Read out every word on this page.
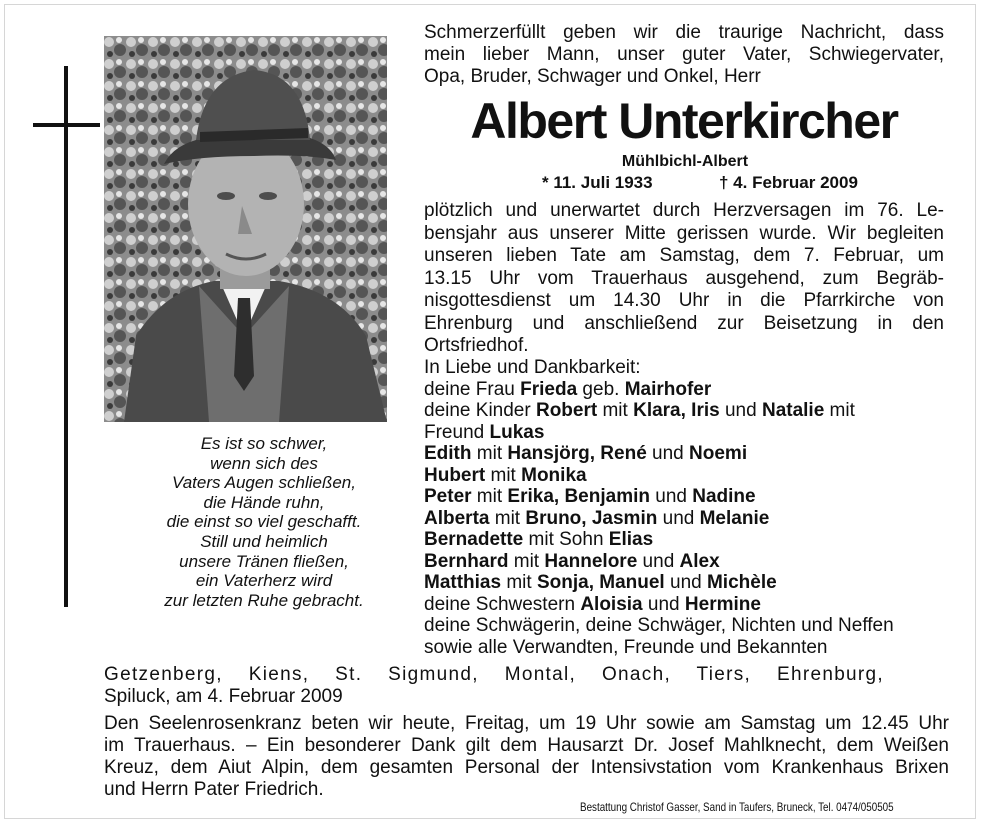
Es ist so schwer,
wenn sich des
Vaters Augen schließen,
die Hände ruhn,
die einst so viel geschafft.
Still und heimlich
unsere Tränen fließen,
ein Vaterherz wird
zur letzten Ruhe gebracht.
Schmerzerfüllt geben wir die traurige Nachricht, dass
mein lieber Mann, unser guter Vater, Schwiegervater,
Opa, Bruder, Schwager und Onkel, Herr
Albert Unterkircher
Mühlbichl-Albert
* 11. Juli 1933	† 4. Februar 2009
plötzlich und unerwartet durch Herzversagen im 76. Le-
bensjahr aus unserer Mitte gerissen wurde. Wir begleiten
unseren lieben Tate am Samstag, dem 7. Februar, um
13.15 Uhr vom Trauerhaus ausgehend, zum Begräb-
nisgottesdienst um 14.30 Uhr in die Pfarrkirche von
Ehrenburg und anschließend zur Beisetzung in den
Ortsfriedhof.
In Liebe und Dankbarkeit:
deine Frau Frieda geb. Mairhofer
deine Kinder Robert mit Klara, Iris und Natalie mit
Freund Lukas
Edith mit Hansjörg, René und Noemi
Hubert mit Monika
Peter mit Erika, Benjamin und Nadine
Alberta mit Bruno, Jasmin und Melanie
Bernadette mit Sohn Elias
Bernhard mit Hannelore und Alex
Matthias mit Sonja, Manuel und Michèle
deine Schwestern Aloisia und Hermine
deine Schwägerin, deine Schwäger, Nichten und Neffen
sowie alle Verwandten, Freunde und Bekannten
Getzenberg, Kiens, St. Sigmund, Montal, Onach, Tiers, Ehrenburg,
Spiluck, am 4. Februar 2009
Den Seelenrosenkranz beten wir heute, Freitag, um 19 Uhr sowie am Samstag um 12.45 Uhr
im Trauerhaus. – Ein besonderer Dank gilt dem Hausarzt Dr. Josef Mahlknecht, dem Weißen
Kreuz, dem Aiut Alpin, dem gesamten Personal der Intensivstation vom Krankenhaus Brixen
und Herrn Pater Friedrich.
Bestattung Christof Gasser, Sand in Taufers, Bruneck, Tel. 0474/050505
